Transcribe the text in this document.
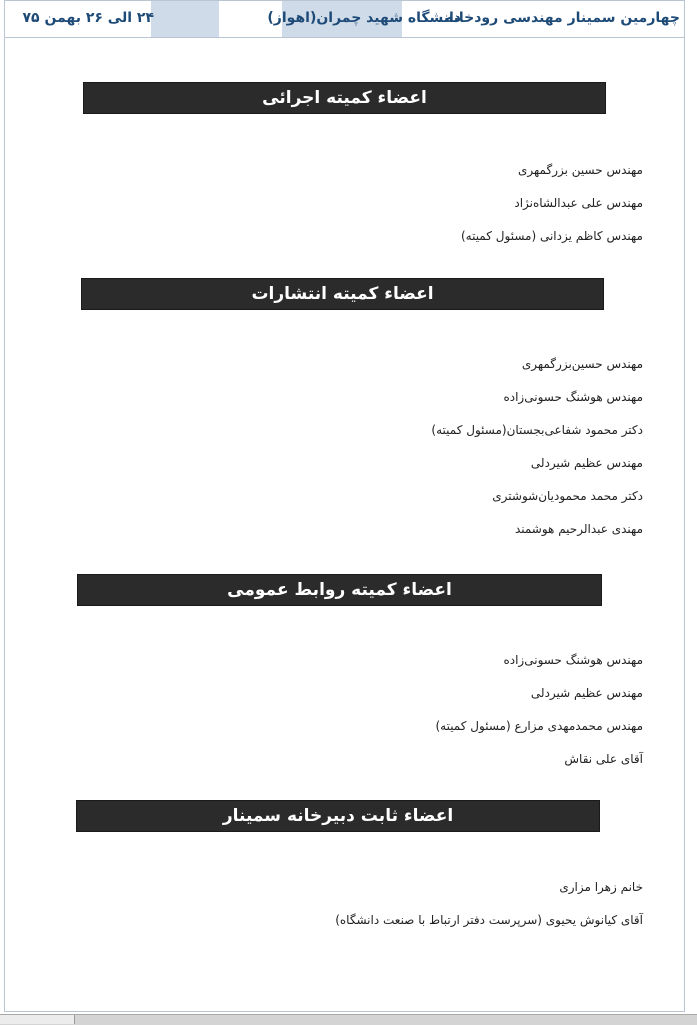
چهارمین سمینار مهندسی رودخانه
دانشگاه شهید چمران(اهواز)
۲۴ الی ۲۶ بهمن ۷۵
اعضاء کمیته اجرائی
مهندس حسین بزرگمهری
مهندس علی عبدالشاه‌نژاد
مهندس کاظم یزدانی (مسئول کمیته)
اعضاء کمیته انتشارات
مهندس حسین‌بزرگمهری
مهندس هوشنگ حسونی‌زاده
دکتر محمود شفاعی‌بجستان(مسئول کمیته)
مهندس عظیم شیردلی
دکتر محمد محمودیان‌شوشتری
مهندی عبدالرحیم هوشمند
اعضاء کمیته روابط عمومی
مهندس هوشنگ حسونی‌زاده
مهندس عظیم شیردلی
مهندس محمدمهدی مزارع (مسئول کمیته)
آقای علی نقاش
اعضاء ثابت دبیرخانه سمینار
خانم زهرا مزاری
آقای کیانوش یحیوی (سرپرست دفتر ارتباط با صنعت دانشگاه)
